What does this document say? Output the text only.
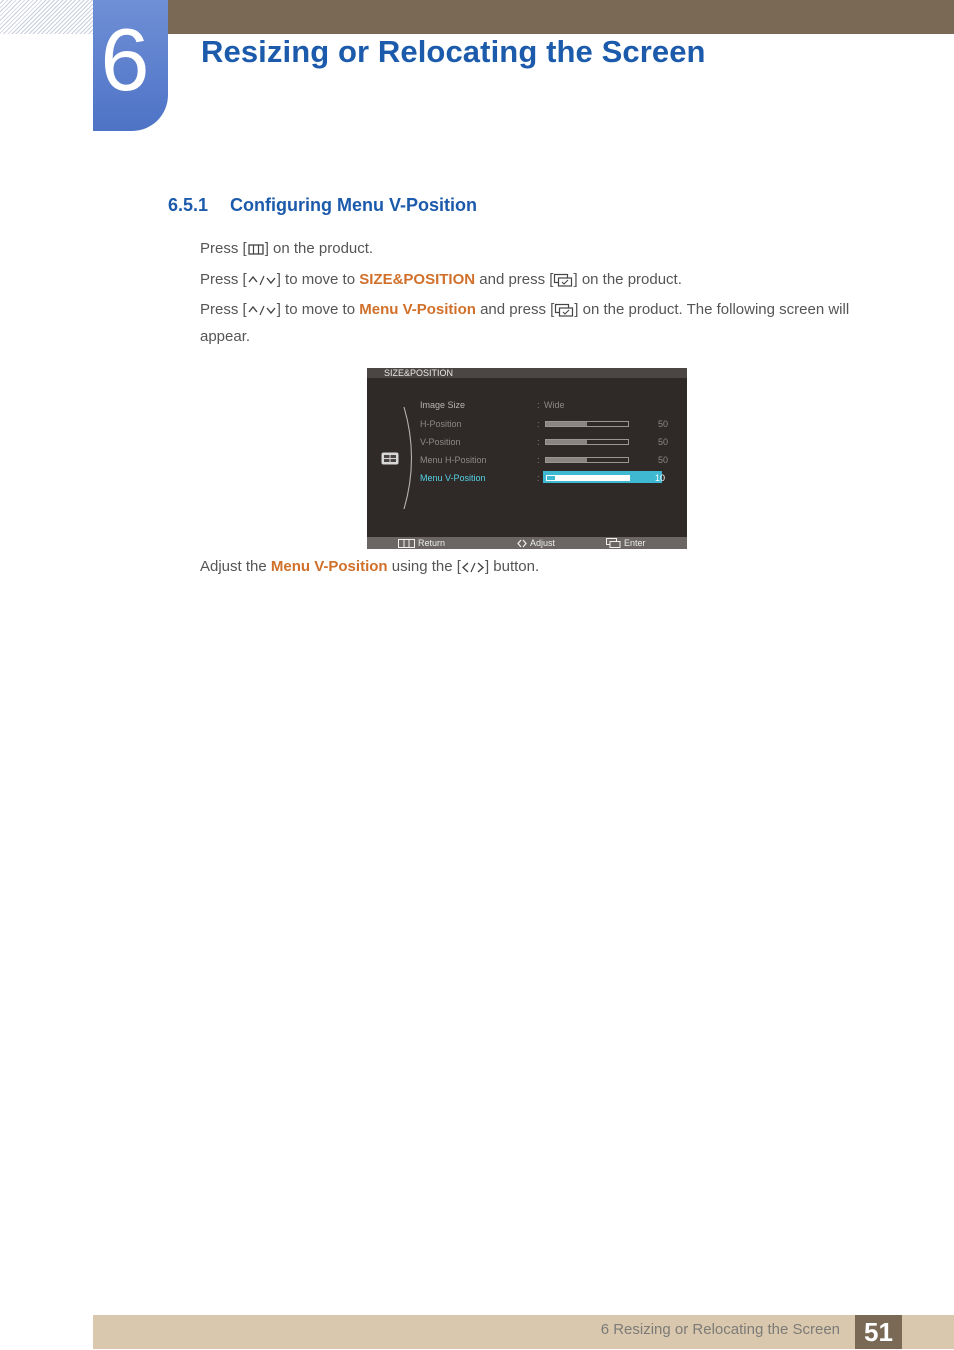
6 Resizing or Relocating the Screen
6.5.1 Configuring Menu V-Position

Press [ ] on the product.

Press [ ] to move to SIZE&POSITION and press [ ] on the product.

Press [ ] to move to Menu V-Position and press [ ] on the product. The following screen will appear.

SIZE&POSITION
Image Size	: Wide
H-Position	:	50
V-Position	:	50
Menu H-Position	:	50
Menu V-Position	:	10
Return	Adjust	Enter

Adjust the Menu V-Position using the [ ] button.

6 Resizing or Relocating the Screen 51
